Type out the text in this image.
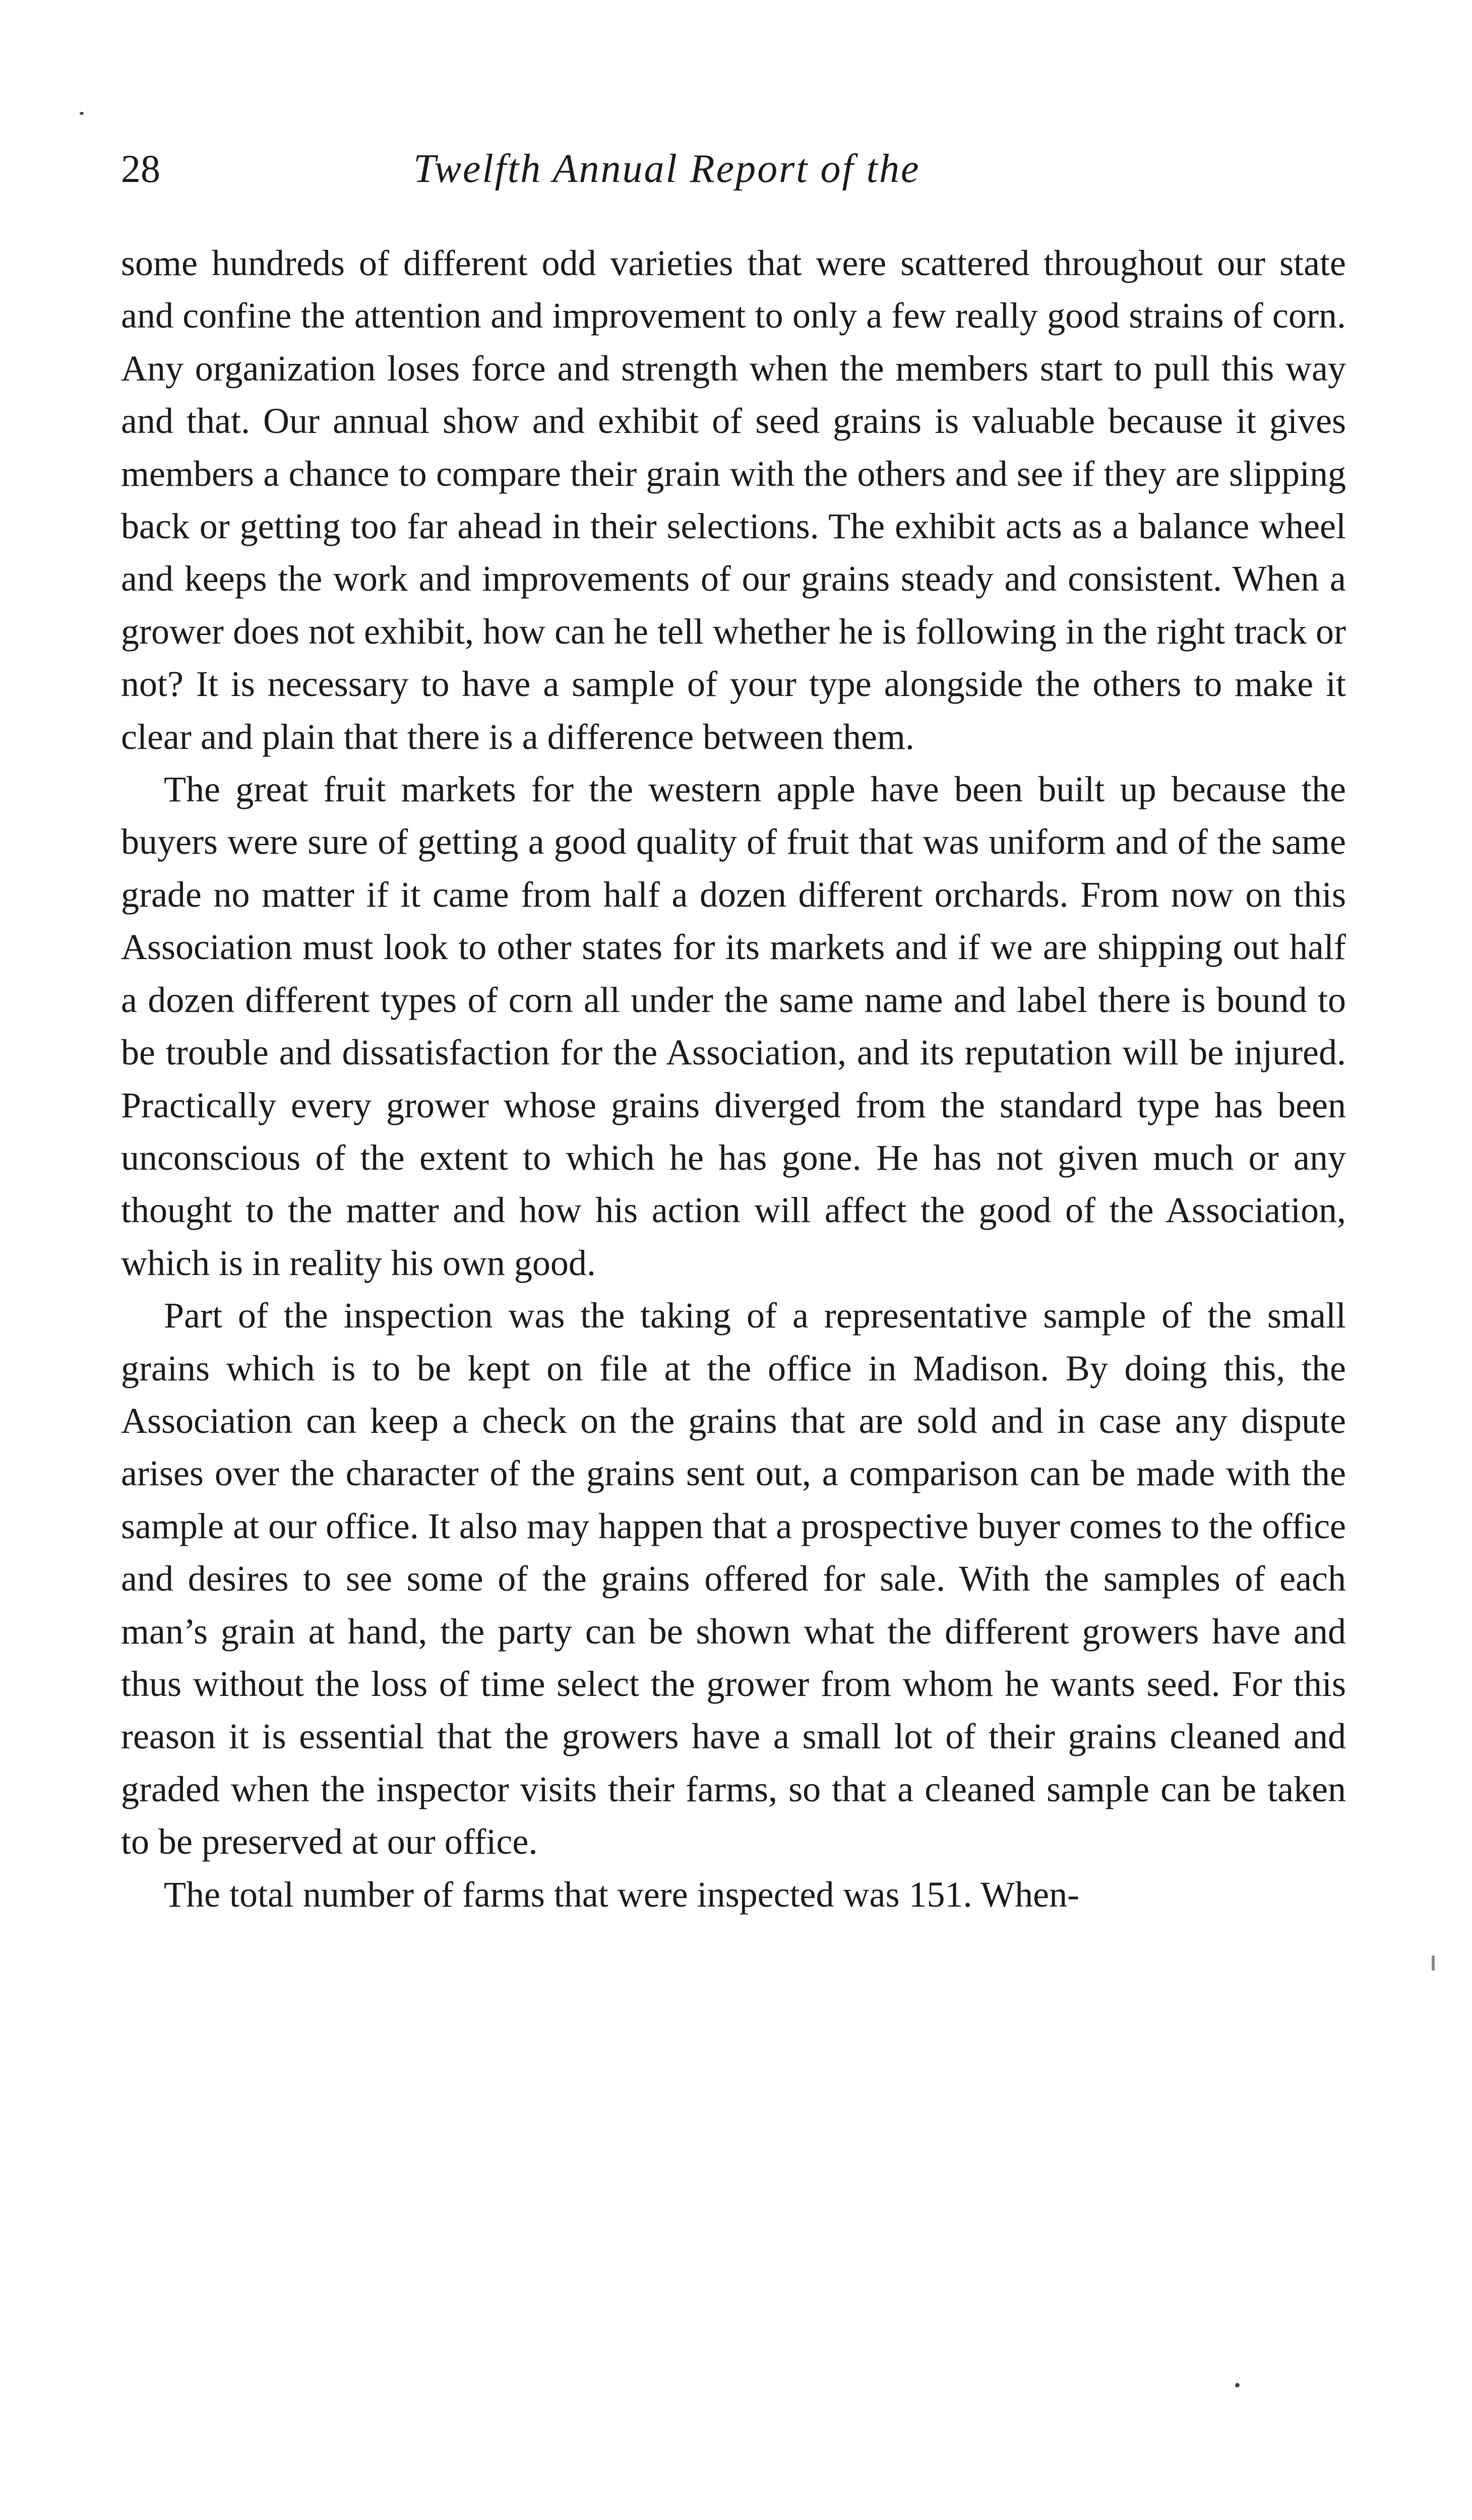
28	Twelfth Annual Report of the

some hundreds of different odd varieties that were scattered throughout our state and confine the attention and improvement to only a few really good strains of corn. Any organization loses force and strength when the members start to pull this way and that. Our annual show and exhibit of seed grains is valuable because it gives members a chance to compare their grain with the others and see if they are slipping back or getting too far ahead in their selections. The exhibit acts as a balance wheel and keeps the work and improvements of our grains steady and consistent. When a grower does not exhibit, how can he tell whether he is following in the right track or not? It is necessary to have a sample of your type alongside the others to make it clear and plain that there is a difference between them.

The great fruit markets for the western apple have been built up because the buyers were sure of getting a good quality of fruit that was uniform and of the same grade no matter if it came from half a dozen different orchards. From now on this Association must look to other states for its markets and if we are shipping out half a dozen different types of corn all under the same name and label there is bound to be trouble and dissatisfaction for the Association, and its reputation will be injured. Practically every grower whose grains diverged from the standard type has been unconscious of the extent to which he has gone. He has not given much or any thought to the matter and how his action will affect the good of the Association, which is in reality his own good.

Part of the inspection was the taking of a representative sample of the small grains which is to be kept on file at the office in Madison. By doing this, the Association can keep a check on the grains that are sold and in case any dispute arises over the character of the grains sent out, a comparison can be made with the sample at our office. It also may happen that a prospective buyer comes to the office and desires to see some of the grains offered for sale. With the samples of each man’s grain at hand, the party can be shown what the different growers have and thus without the loss of time select the grower from whom he wants seed. For this reason it is essential that the growers have a small lot of their grains cleaned and graded when the inspector visits their farms, so that a cleaned sample can be taken to be preserved at our office.

The total number of farms that were inspected was 151. When-
